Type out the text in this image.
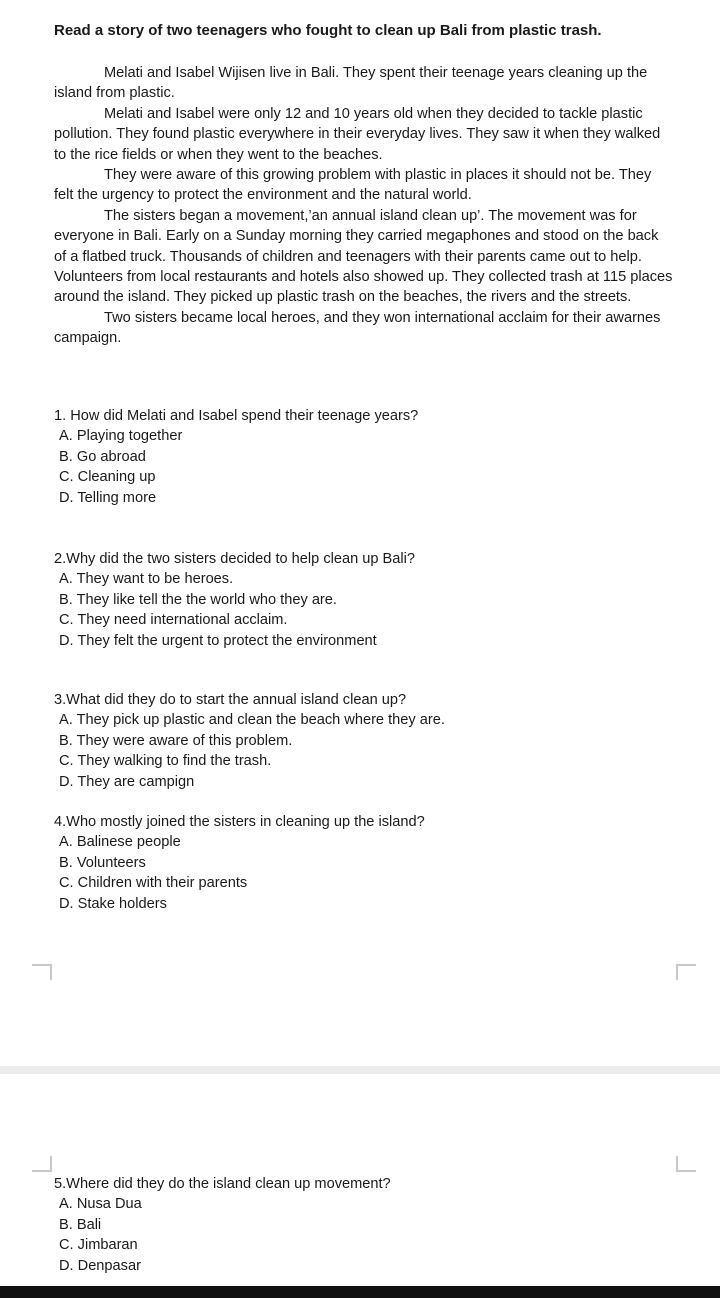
Read a story of two teenagers who fought to clean up Bali from plastic trash.

Melati and Isabel Wijisen live in Bali. They spent their teenage years cleaning up the island from plastic.

Melati and Isabel were only 12 and 10 years old when they decided to tackle plastic pollution. They found plastic everywhere in their everyday lives. They saw it when they walked to the rice fields or when they went to the beaches.

They were aware of this growing problem with plastic in places it should not be. They felt the urgency to protect the environment and the natural world.

The sisters began a movement,’an annual island clean up’. The movement was for everyone in Bali. Early on a Sunday morning they carried megaphones and stood on the back of a flatbed truck. Thousands of children and teenagers with their parents came out to help. Volunteers from local restaurants and hotels also showed up. They collected trash at 115 places around the island. They picked up plastic trash on the beaches, the rivers and the streets.

Two sisters became local heroes, and they won international acclaim for their awarnes campaign.

1. How did Melati and Isabel spend their teenage years?
A. Playing together
B. Go abroad
C. Cleaning up
D. Telling more
2.Why did the two sisters decided to help clean up Bali?
A. They want to be heroes.
B. They like tell the the world who they are.
C. They need international acclaim.
D. They felt the urgent to protect the environment
3.What did they do to start the annual island clean up?
A. They pick up plastic and clean the beach where they are.
B. They were aware of this problem.
C. They walking to find the trash.
D. They are campign
4.Who mostly joined the sisters in cleaning up the island?
A. Balinese people
B. Volunteers
C. Children with their parents
D. Stake holders
5.Where did they do the island clean up movement?
A. Nusa Dua
B. Bali
C. Jimbaran
D. Denpasar
